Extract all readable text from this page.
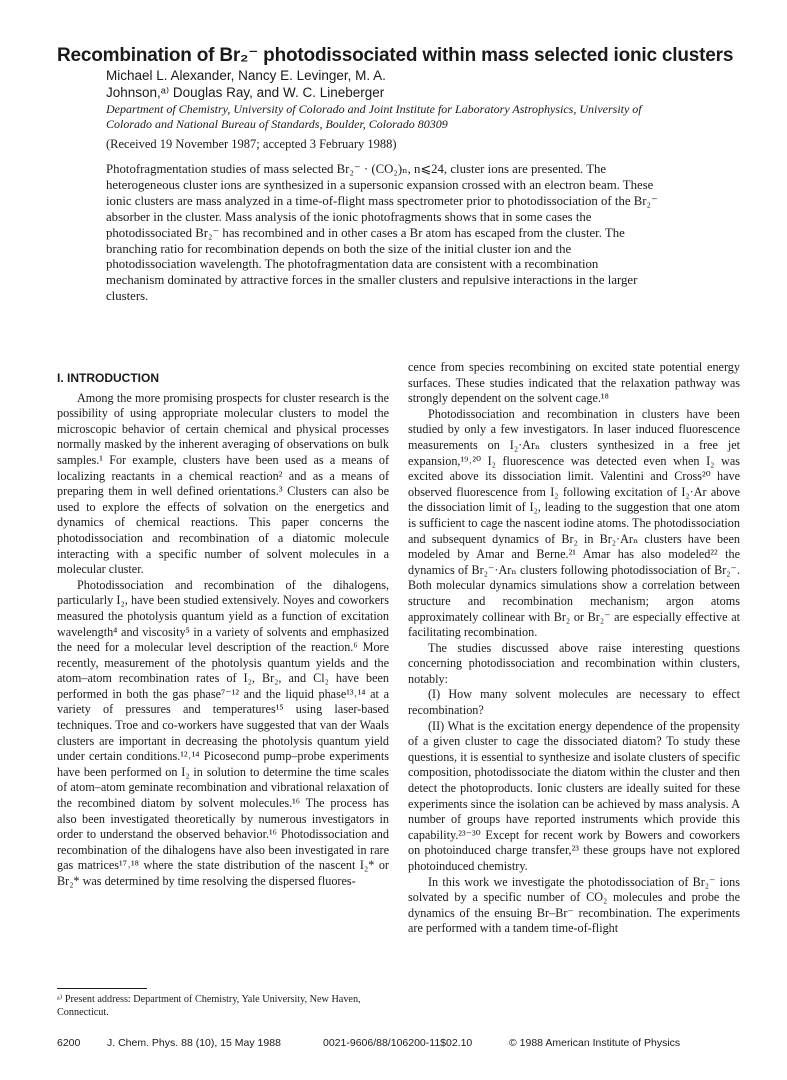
Recombination of Br₂⁻ photodissociated within mass selected ionic clusters
Michael L. Alexander, Nancy E. Levinger, M. A. Johnson,ᵃ⁾ Douglas Ray, and W. C. Lineberger
Department of Chemistry, University of Colorado and Joint Institute for Laboratory Astrophysics, University of Colorado and National Bureau of Standards, Boulder, Colorado 80309
(Received 19 November 1987; accepted 3 February 1988)

Photofragmentation studies of mass selected Br₂⁻ · (CO₂)ₙ, n⩽24, cluster ions are presented. The heterogeneous cluster ions are synthesized in a supersonic expansion crossed with an electron beam. These ionic clusters are mass analyzed in a time-of-flight mass spectrometer prior to photodissociation of the Br₂⁻ absorber in the cluster. Mass analysis of the ionic photofragments shows that in some cases the photodissociated Br₂⁻ has recombined and in other cases a Br atom has escaped from the cluster. The branching ratio for recombination depends on both the size of the initial cluster ion and the photodissociation wavelength. The photofragmentation data are consistent with a recombination mechanism dominated by attractive forces in the smaller clusters and repulsive interactions in the larger clusters.

I. INTRODUCTION

Among the more promising prospects for cluster research is the possibility of using appropriate molecular clusters to model the microscopic behavior of certain chemical and physical processes normally masked by the inherent averaging of observations on bulk samples.¹ For example, clusters have been used as a means of localizing reactants in a chemical reaction² and as a means of preparing them in well defined orientations.³ Clusters can also be used to explore the effects of solvation on the energetics and dynamics of chemical reactions. This paper concerns the photodissociation and recombination of a diatomic molecule interacting with a specific number of solvent molecules in a molecular cluster.

Photodissociation and recombination of the dihalogens, particularly I₂, have been studied extensively. Noyes and coworkers measured the photolysis quantum yield as a function of excitation wavelength⁴ and viscosity⁵ in a variety of solvents and emphasized the need for a molecular level description of the reaction.⁶ More recently, measurement of the photolysis quantum yields and the atom–atom recombination rates of I₂, Br₂, and Cl₂ have been performed in both the gas phase⁷⁻¹² and the liquid phase¹³˒¹⁴ at a variety of pressures and temperatures¹⁵ using laser-based techniques. Troe and co-workers have suggested that van der Waals clusters are important in decreasing the photolysis quantum yield under certain conditions.¹²˒¹⁴ Picosecond pump–probe experiments have been performed on I₂ in solution to determine the time scales of atom–atom geminate recombination and vibrational relaxation of the recombined diatom by solvent molecules.¹⁶ The process has also been investigated theoretically by numerous investigators in order to understand the observed behavior.¹⁶ Photodissociation and recombination of the dihalogens have also been investigated in rare gas matrices¹⁷˒¹⁸ where the state distribution of the nascent I₂* or Br₂* was determined by time resolving the dispersed fluores-

cence from species recombining on excited state potential energy surfaces. These studies indicated that the relaxation pathway was strongly dependent on the solvent cage.¹⁸

Photodissociation and recombination in clusters have been studied by only a few investigators. In laser induced fluorescence measurements on I₂·Arₙ clusters synthesized in a free jet expansion,¹⁹˒²⁰ I₂ fluorescence was detected even when I₂ was excited above its dissociation limit. Valentini and Cross²⁰ have observed fluorescence from I₂ following excitation of I₂·Ar above the dissociation limit of I₂, leading to the suggestion that one atom is sufficient to cage the nascent iodine atoms. The photodissociation and subsequent dynamics of Br₂ in Br₂·Arₙ clusters have been modeled by Amar and Berne.²¹ Amar has also modeled²² the dynamics of Br₂⁻·Arₙ clusters following photodissociation of Br₂⁻. Both molecular dynamics simulations show a correlation between structure and recombination mechanism; argon atoms approximately collinear with Br₂ or Br₂⁻ are especially effective at facilitating recombination.

The studies discussed above raise interesting questions concerning photodissociation and recombination within clusters, notably:

(I) How many solvent molecules are necessary to effect recombination?

(II) What is the excitation energy dependence of the propensity of a given cluster to cage the dissociated diatom? To study these questions, it is essential to synthesize and isolate clusters of specific composition, photodissociate the diatom within the cluster and then detect the photoproducts. Ionic clusters are ideally suited for these experiments since the isolation can be achieved by mass analysis. A number of groups have reported instruments which provide this capability.²³⁻³⁰ Except for recent work by Bowers and coworkers on photoinduced charge transfer,²³ these groups have not explored photoinduced chemistry.

In this work we investigate the photodissociation of Br₂⁻ ions solvated by a specific number of CO₂ molecules and probe the dynamics of the ensuing Br–Br⁻ recombination. The experiments are performed with a tandem time-of-flight

ᵃ⁾ Present address: Department of Chemistry, Yale University, New Haven, Connecticut.
6200	J. Chem. Phys. 88 (10), 15 May 1988	0021-9606/88/106200-11$02.10	© 1988 American Institute of Physics
